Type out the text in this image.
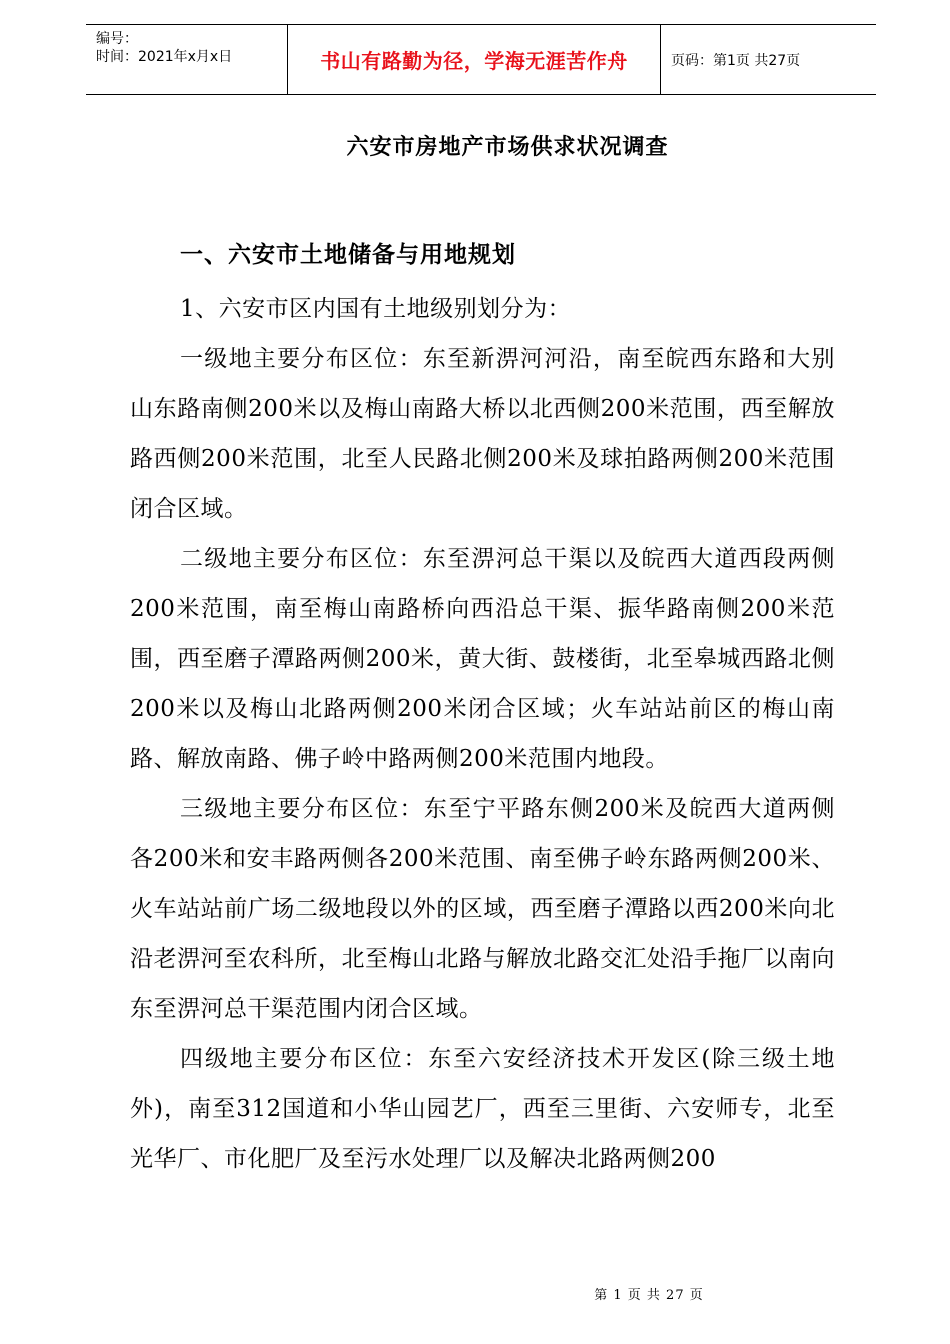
编号：
时间：2021年x月x日	书山有路勤为径，学海无涯苦作舟	页码：第1页 共27页
六安市房地产市场供求状况调查
一、六安市土地储备与用地规划

1、六安市区内国有土地级别划分为：

一级地主要分布区位：东至新淠河河沿，南至皖西东路和大别山东路南侧200米以及梅山南路大桥以北西侧200米范围，西至解放路西侧200米范围，北至人民路北侧200米及球拍路两侧200米范围闭合区域。

二级地主要分布区位：东至淠河总干渠以及皖西大道西段两侧200米范围，南至梅山南路桥向西沿总干渠、振华路南侧200米范围，西至磨子潭路两侧200米，黄大街、鼓楼街，北至皋城西路北侧200米以及梅山北路两侧200米闭合区域；火车站站前区的梅山南路、解放南路、佛子岭中路两侧200米范围内地段。

三级地主要分布区位：东至宁平路东侧200米及皖西大道两侧各200米和安丰路两侧各200米范围、南至佛子岭东路两侧200米、火车站站前广场二级地段以外的区域，西至磨子潭路以西200米向北沿老淠河至农科所，北至梅山北路与解放北路交汇处沿手拖厂以南向东至淠河总干渠范围内闭合区域。

四级地主要分布区位：东至六安经济技术开发区(除三级土地外)，南至312国道和小华山园艺厂，西至三里街、六安师专，北至光华厂、市化肥厂及至污水处理厂以及解决北路两侧200

第 1 页 共 27 页
